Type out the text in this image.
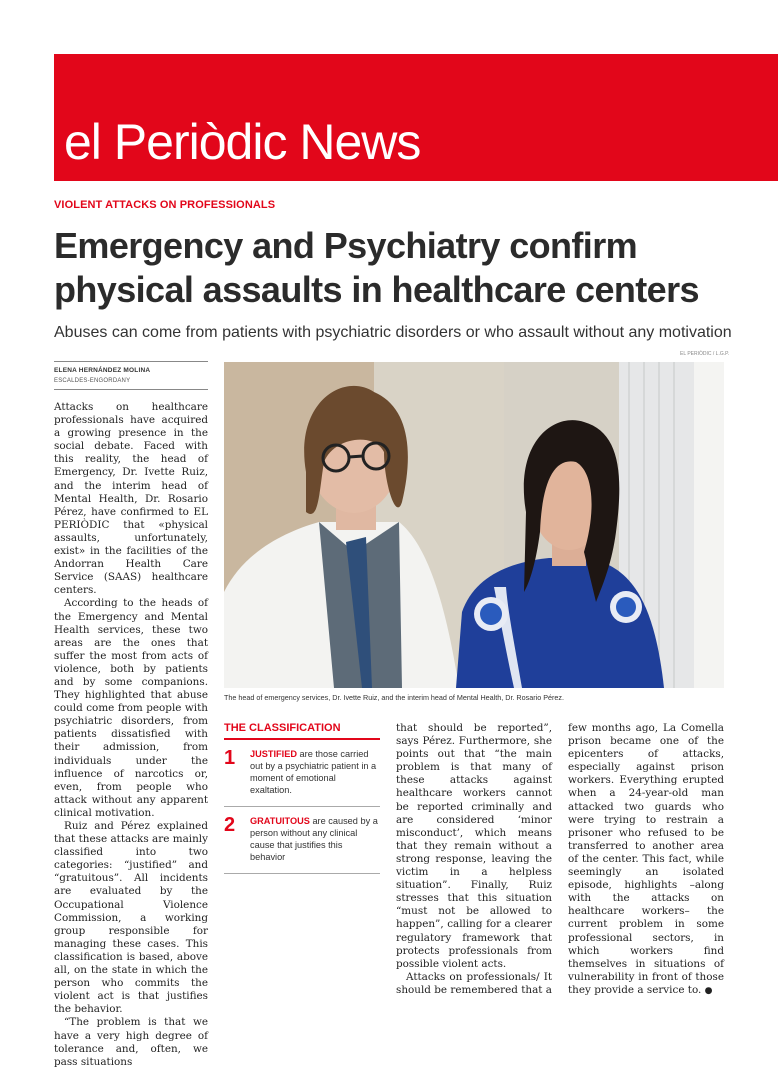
el Periòdic News
VIOLENT ATTACKS ON PROFESSIONALS
Emergency and Psychiatry confirm
physical assaults in healthcare centers
Abuses can come from patients with psychiatric disorders or who assault without any motivation
EL PERIÒDIC / L.G.P.
ELENA HERNÁNDEZ MOLINA
ESCALDES-ENGORDANY

Attacks on healthcare professionals have acquired a growing presence in the social debate. Faced with this reality, the head of Emergency, Dr. Ivette Ruiz, and the interim head of Mental Health, Dr. Rosario Pérez, have confirmed to EL PERIÒDIC that «physical assaults, unfortunately, exist» in the facilities of the Andorran Health Care Service (SAAS) healthcare centers.

According to the heads of the Emergency and Mental Health services, these two areas are the ones that suffer the most from acts of violence, both by patients and by some companions. They highlighted that abuse could come from people with psychiatric disorders, from patients dissatisfied with their admission, from individuals under the influence of narcotics or, even, from people who attack without any apparent clinical motivation.

Ruiz and Pérez explained that these attacks are mainly classified into two categories: “justified” and “gratuitous”. All incidents are evaluated by the Occupational Violence Commission, a working group responsible for managing these cases. This classification is based, above all, on the state in which the person who commits the violent act is that justifies the behavior.

“The problem is that we have a very high degree of tolerance and, often, we pass situations

The head of emergency services, Dr. Ivette Ruiz, and the interim head of Mental Health, Dr. Rosario Pérez.
THE CLASSIFICATION
1	JUSTIFIED are those carried out by a psychiatric patient in a moment of emotional exaltation.
2	GRATUITOUS are caused by a person without any clinical cause that justifies this behavior

that should be reported”, says Pérez. Furthermore, she points out that “the main problem is that many of these attacks against healthcare workers cannot be reported criminally and are considered ‘minor misconduct’, which means that they remain without a strong response, leaving the victim in a helpless situation”. Finally, Ruiz stresses that this situation “must not be allowed to happen”, calling for a clearer regulatory framework that protects professionals from possible violent acts.

Attacks on professionals/ It should be remembered that a

few months ago, La Comella prison became one of the epicenters of attacks, especially against prison workers. Everything erupted when a 24-year-old man attacked two guards who were trying to restrain a prisoner who refused to be transferred to another area of the center. This fact, while seemingly an isolated episode, highlights –along with the attacks on healthcare workers– the current problem in some professional sectors, in which workers find themselves in situations of vulnerability in front of those they provide a service to. ●
